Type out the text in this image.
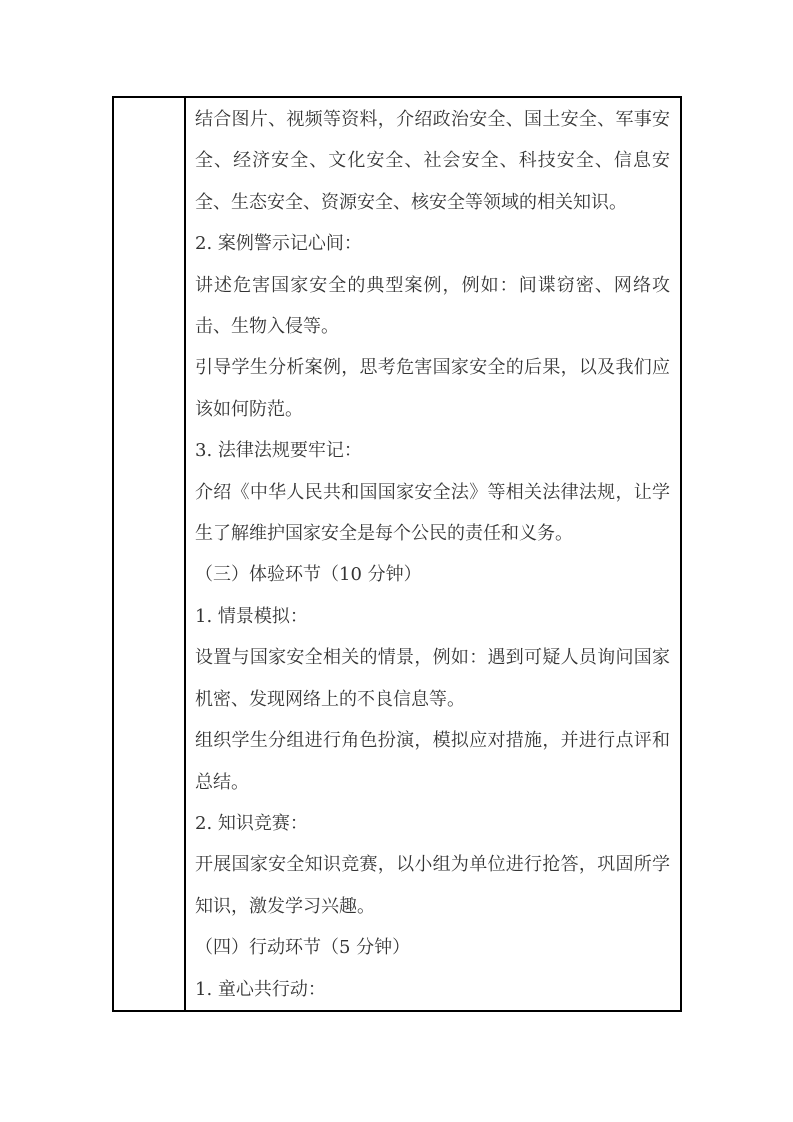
结合图片、视频等资料，介绍政治安全、国土安全、军事安全、经济安全、文化安全、社会安全、科技安全、信息安全、生态安全、资源安全、核安全等领域的相关知识。

2. 案例警示记心间：

讲述危害国家安全的典型案例，例如：间谍窃密、网络攻击、生物入侵等。

引导学生分析案例，思考危害国家安全的后果，以及我们应该如何防范。

3. 法律法规要牢记：

介绍《中华人民共和国国家安全法》等相关法律法规，让学生了解维护国家安全是每个公民的责任和义务。

（三）体验环节（10 分钟）

1. 情景模拟：

设置与国家安全相关的情景，例如：遇到可疑人员询问国家机密、发现网络上的不良信息等。

组织学生分组进行角色扮演，模拟应对措施，并进行点评和总结。

2. 知识竞赛：

开展国家安全知识竞赛，以小组为单位进行抢答，巩固所学知识，激发学习兴趣。

（四）行动环节（5 分钟）

1. 童心共行动：
